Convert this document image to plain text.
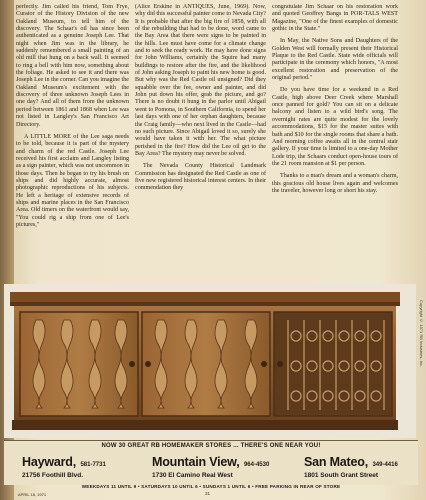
perfectly. Jim called his friend, Tom Frye, Curator of the History Division of the new Oakland Museum, to tell him of the discovery. The Schaar's oil has since been authenticated as a genuine Joseph Lee. That night when Jim was in the library, he suddenly remembered a small painting of an old mill that hung on a back wall. It seemed to ring a bell with him now, something about the foliage. He asked to see it and there was Joseph Lee in the corner. Can you imagine the Oakland Museum's excitement with the discovery of three unknown Joseph Lees in one day? And all of them from the unknown period between 1861 and 1868 when Lee was not listed in Langley's San Francisco Art Directory.

A LITTLE MORE of the Lee saga needs to be told, because it is part of the mystery and charm of the red Castle. Joseph Lee received his first acclaim and Langley listing as a sign painter, which was not uncommon in those days. Then he began to try his brush on ships and did highly accurate, almost photographic reproductions of his subjects. He left a heritage of extensive records of ships and marine places in the San Francisco Area. Old timers on the waterfront would say, "You could rig a ship from one of Lee's pictures,"

(Alice Erskine in ANTIQUES, June, 1969). Now, why did this successful painter come to Nevada City? It is probable that after the big fire of 1858, with all of the rebuilding that had to be done, word came to the Bay Area that there were signs to be painted in the hills. Lee must have come for a climate change and to seek the ready work. He may have done signs for John Williams, certainly the Squire had many buildings to restore after the fire, and the likelihood of John asking Joseph to paint his new home is good. But why was the Red Castle oil unsigned? Did they squabble over the fee, owner and painter, and did John put down his offer, grab the picture, and go? There is no doubt it hung in the parlor until Abigail went to Pomona, in Southern California, to spend her last days with one of her orphan daughters, because the Craig family—who next lived in the Castle—had no such picture. Since Abigail loved it so, surely she would have taken it with her. The what picture perished in the fire? How did the Lee oil get to the Bay Area? The mystery may never be solved.

The Nevada County Historical Landmark Commission has designated the Red Castle as one of five new registered historical interest centers. In their commendation they

congratulate Jim Schaar on his restoration work and quoted Geoffrey Bangs in POR-TALS WEST Magazine, "One of the finest examples of domestic gothic in the State."

In May, the Native Sons and Daughters of the Golden West will formally present their Historical Plaque to the Red Castle. State wide officials will participate in the ceremony which honors, "A most excellent restoration and preservation of the original period."

Do you have time for a weekend in a Red Castle, high above Deer Creek where Marshall once panned for gold? You can sit on a delicate balcony and listen to a wild bird's song. The overnight rates are quite modest for the lovely accommodations, $15 for the master suites with bath and $10 for the single rooms that share a bath. And morning coffee awaits all in the central stair gallery. If your time is limited to a one-day Mother Lode trip, the Schaars conduct open-house tours of the 21 room mansion at $1 per person.

Thanks to a man's dream and a woman's charm, this gracious old house lives again and welcomes the traveler, however long or short his stay.

Copyright © 1971 RB Industries, Inc.
NOW 30 GREAT RB HOMEMAKER STORES ... THERE'S ONE NEAR YOU!
Hayward, 581-7731
21756 Foothill Blvd.
Mountain View, 964-4530
1730 El Camino Real West
San Mateo, 349-4416
1801 South Grant Street
WEEKDAYS 11 UNTIL 9 • SATURDAYS 10 UNTIL 6 • SUNDAYS 1 UNTIL 6 • FREE PARKING IN REAR OF STORE
APRIL 18, 1971	31
